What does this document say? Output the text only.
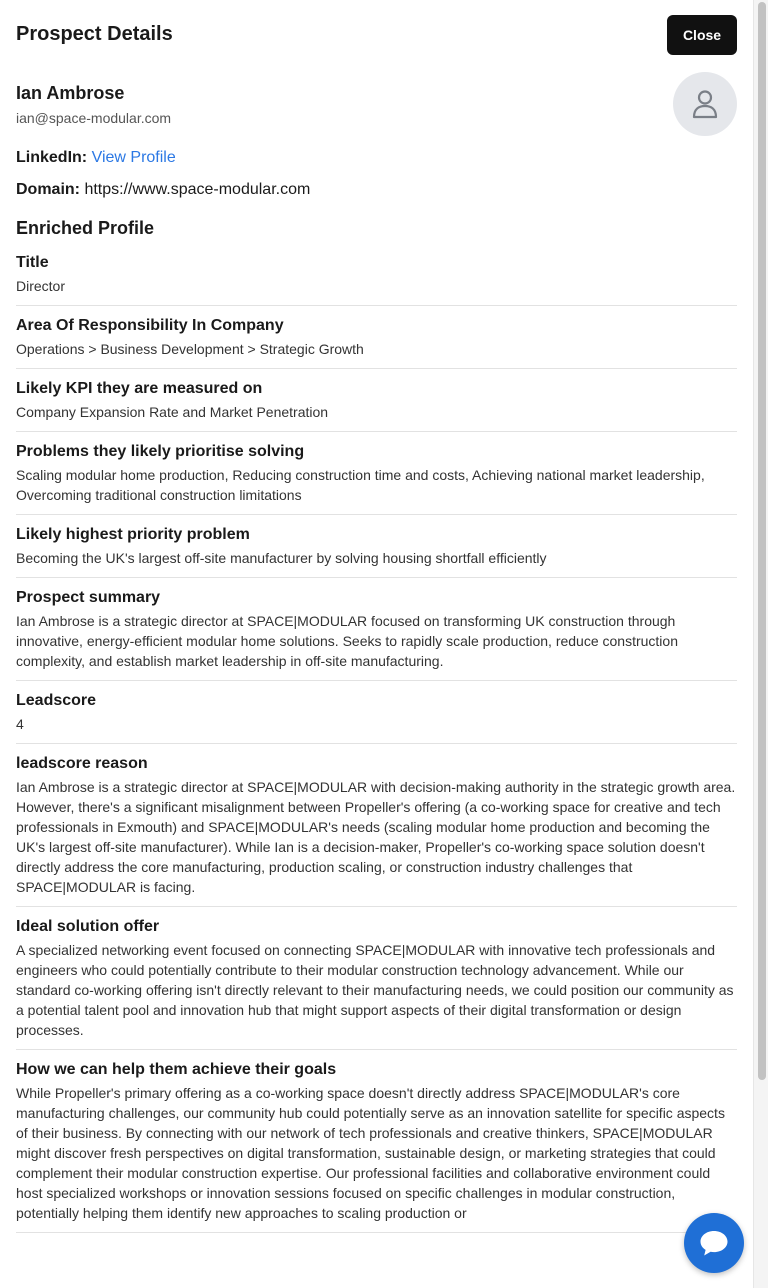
Prospect Details	Close
Ian Ambrose
ian@space-modular.com
LinkedIn: View Profile
Domain: https://www.space-modular.com
Enriched Profile
Title
Director
Area Of Responsibility In Company
Operations > Business Development > Strategic Growth
Likely KPI they are measured on
Company Expansion Rate and Market Penetration
Problems they likely prioritise solving
Scaling modular home production, Reducing construction time and costs, Achieving national market leadership, Overcoming traditional construction limitations
Likely highest priority problem
Becoming the UK's largest off-site manufacturer by solving housing shortfall efficiently
Prospect summary
Ian Ambrose is a strategic director at SPACE|MODULAR focused on transforming UK construction through innovative, energy-efficient modular home solutions. Seeks to rapidly scale production, reduce construction complexity, and establish market leadership in off-site manufacturing.
Leadscore
4
leadscore reason
Ian Ambrose is a strategic director at SPACE|MODULAR with decision-making authority in the strategic growth area. However, there's a significant misalignment between Propeller's offering (a co-working space for creative and tech professionals in Exmouth) and SPACE|MODULAR's needs (scaling modular home production and becoming the UK's largest off-site manufacturer). While Ian is a decision-maker, Propeller's co-working space solution doesn't directly address the core manufacturing, production scaling, or construction industry challenges that SPACE|MODULAR is facing.
Ideal solution offer
A specialized networking event focused on connecting SPACE|MODULAR with innovative tech professionals and engineers who could potentially contribute to their modular construction technology advancement. While our standard co-working offering isn't directly relevant to their manufacturing needs, we could position our community as a potential talent pool and innovation hub that might support aspects of their digital transformation or design processes.
How we can help them achieve their goals
While Propeller's primary offering as a co-working space doesn't directly address SPACE|MODULAR's core manufacturing challenges, our community hub could potentially serve as an innovation satellite for specific aspects of their business. By connecting with our network of tech professionals and creative thinkers, SPACE|MODULAR might discover fresh perspectives on digital transformation, sustainable design, or marketing strategies that could complement their modular construction expertise. Our professional facilities and collaborative environment could host specialized workshops or innovation sessions focused on specific challenges in modular construction, potentially helping them identify new approaches to scaling production or
